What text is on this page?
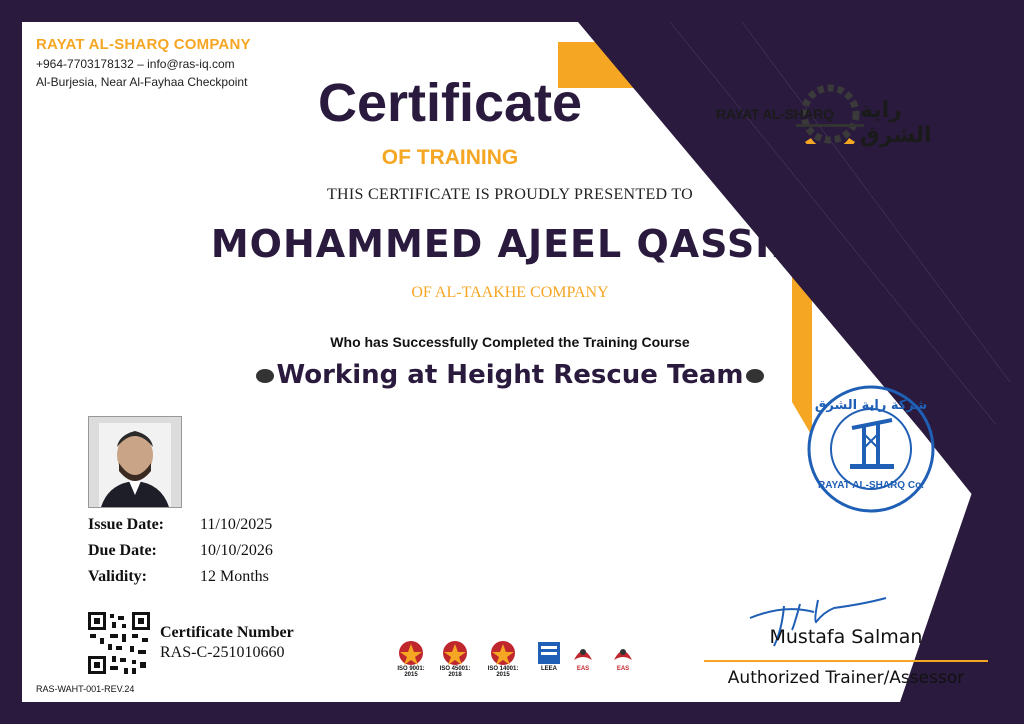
RAYAT AL-SHARQ COMPANY
+964-7703178132 – info@ras-iq.com
Al-Burjesia, Near Al-Fayhaa Checkpoint
RAYAT AL-SHARQ راية الشرق
Certificate
OF TRAINING
THIS CERTIFICATE IS PROUDLY PRESENTED TO
MOHAMMED AJEEL QASSIM
OF AL-TAAKHE COMPANY
Who has Successfully Completed the Training Course
Working at Height Rescue Team
Issue Date: 11/10/2025
Due Date:	10/10/2026
Validity:	12 Months
Certificate Number
RAS-C-251010660
RAS-WAHT-001-REV.24
ISO 9001:
2015
ISO 45001:
2018
ISO 14001:
2015
LEEA	EAS	EAS
شركة راية الشرق
RAYAT AL-SHARQ Co.
Mustafa Salman
Authorized Trainer/Assessor
